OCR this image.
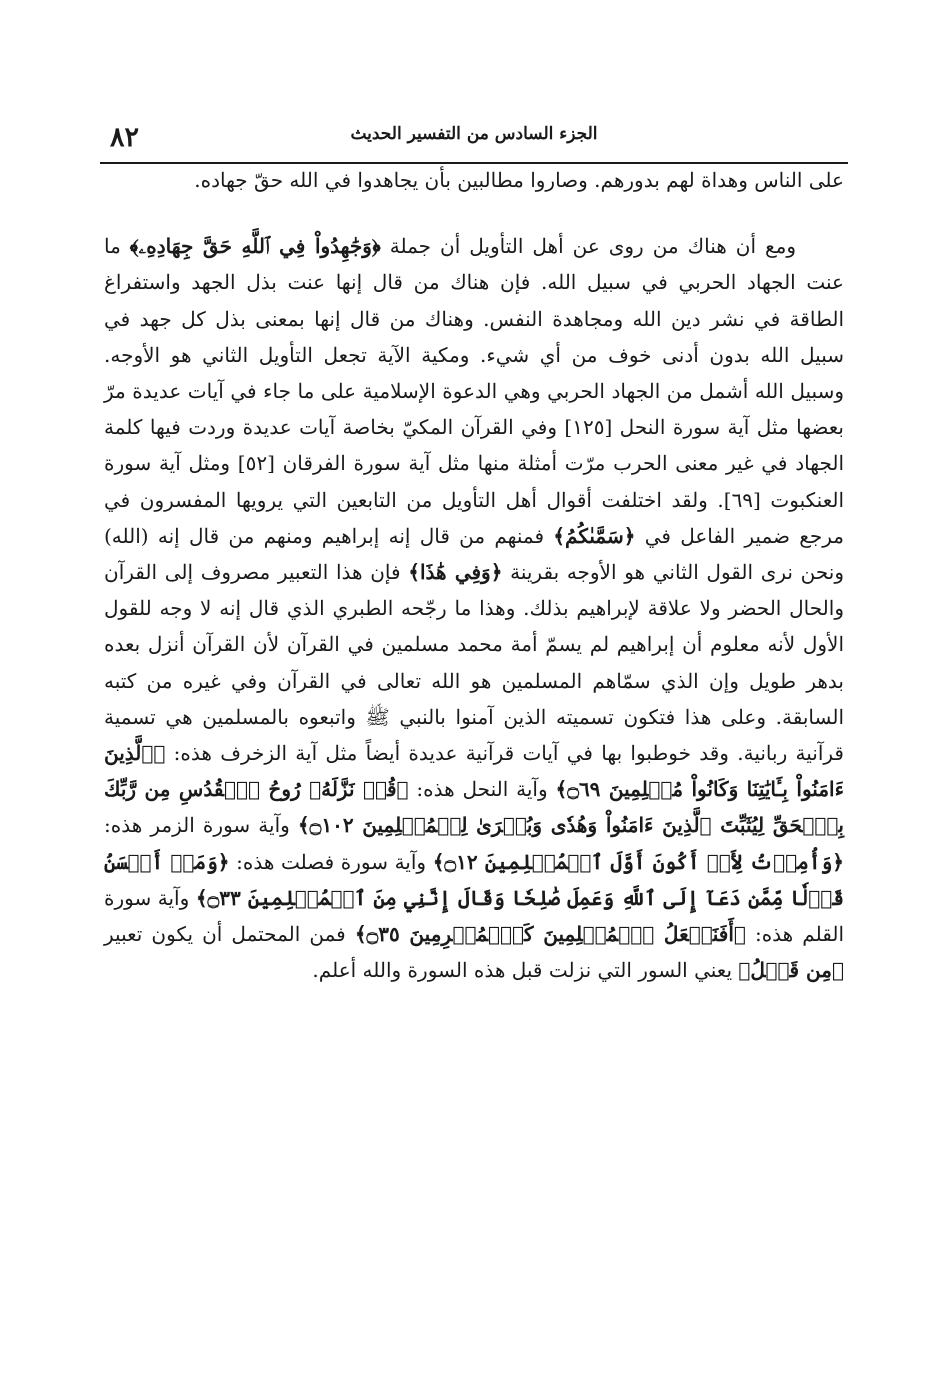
٨٢	الجزء السادس من التفسير الحديث

على الناس وهداة لهم بدورهم. وصاروا مطالبين بأن يجاهدوا في الله حقّ جهاده.

ومع أن هناك من روى عن أهل التأويل أن جملة ﴿وَجَٰهِدُواْ فِي ٱللَّهِ حَقَّ جِهَادِهِۦ﴾ ما عنت الجهاد الحربي في سبيل الله. فإن هناك من قال إنها عنت بذل الجهد واستفراغ الطاقة في نشر دين الله ومجاهدة النفس. وهناك من قال إنها بمعنى بذل كل جهد في سبيل الله بدون أدنى خوف من أي شيء. ومكية الآية تجعل التأويل الثاني هو الأوجه. وسبيل الله أشمل من الجهاد الحربي وهي الدعوة الإسلامية على ما جاء في آيات عديدة مرّ بعضها مثل آية سورة النحل [١٢٥] وفي القرآن المكيّ بخاصة آيات عديدة وردت فيها كلمة الجهاد في غير معنى الحرب مرّت أمثلة منها مثل آية سورة الفرقان [٥٢] ومثل آية سورة العنكبوت [٦٩]. ولقد اختلفت أقوال أهل التأويل من التابعين التي يرويها المفسرون في مرجع ضمير الفاعل في ﴿سَمَّىٰكُمُ﴾ فمنهم من قال إنه إبراهيم ومنهم من قال إنه (الله) ونحن نرى القول الثاني هو الأوجه بقرينة ﴿وَفِي هَٰذَا﴾ فإن هذا التعبير مصروف إلى القرآن والحال الحضر ولا علاقة لإبراهيم بذلك. وهذا ما رجّحه الطبري الذي قال إنه لا وجه للقول الأول لأنه معلوم أن إبراهيم لم يسمّ أمة محمد مسلمين في القرآن لأن القرآن أنزل بعده بدهر طويل وإن الذي سمّاهم المسلمين هو الله تعالى في القرآن وفي غيره من كتبه السابقة. وعلى هذا فتكون تسميته الذين آمنوا بالنبي ﷺ واتبعوه بالمسلمين هي تسمية قرآنية ربانية. وقد خوطبوا بها في آيات قرآنية عديدة أيضاً مثل آية الزخرف هذه: ﴿ٱلَّذِينَ ءَامَنُواْ بِـَٔايَٰتِنَا وَكَانُواْ مُسۡلِمِينَ ۝٦٩﴾ وآية النحل هذه: ﴿قُلۡ نَزَّلَهُۥ رُوحُ ٱلۡقُدُسِ مِن رَّبِّكَ بِٱلۡحَقِّ لِيُثَبِّتَ ٱلَّذِينَ ءَامَنُواْ وَهُدٗى وَبُشۡرَىٰ لِلۡمُسۡلِمِينَ ۝١٠٢﴾ وآية سورة الزمر هذه: ﴿وَأُمِرۡتُ لِأَنۡ أَكُونَ أَوَّلَ ٱلۡمُسۡلِمِينَ ۝١٢﴾ وآية سورة فصلت هذه: ﴿وَمَنۡ أَحۡسَنُ قَوۡلٗا مِّمَّن دَعَآ إِلَى ٱللَّهِ وَعَمِلَ صَٰلِحٗا وَقَالَ إِنَّنِي مِنَ ٱلۡمُسۡلِمِينَ ۝٣٣﴾ وآية سورة القلم هذه: ﴿أَفَنَجۡعَلُ ٱلۡمُسۡلِمِينَ كَٱلۡمُجۡرِمِينَ ۝٣٥﴾ فمن المحتمل أن يكون تعبير ﴿مِن قَبۡلُ﴾ يعني السور التي نزلت قبل هذه السورة والله أعلم.
